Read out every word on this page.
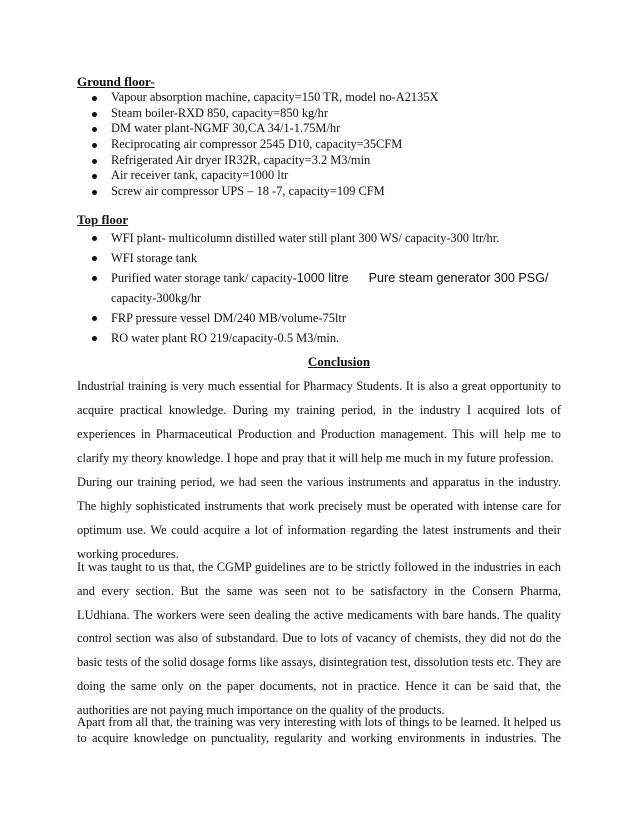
Ground floor-
Vapour absorption machine, capacity=150 TR, model no-A2135X
Steam boiler-RXD 850, capacity=850 kg/hr
DM water plant-NGMF 30,CA 34/1-1.75M/hr
Reciprocating air compressor 2545 D10, capacity=35CFM
Refrigerated Air dryer IR32R, capacity=3.2 M3/min
Air receiver tank, capacity=1000 ltr
Screw air compressor UPS – 18 -7, capacity=109 CFM
Top floor
WFI plant- multicolumn distilled water still plant 300 WS/ capacity-300 ltr/hr.
WFI storage tank
Purified water storage tank/ capacity-1000 litre Pure steam generator 300 PSG/
capacity-300kg/hr
FRP pressure vessel DM/240 MB/volume-75ltr
RO water plant RO 219/capacity-0.5 M3/min.
Conclusion
Industrial training is very much essential for Pharmacy Students. It is also a great opportunity to
acquire practical knowledge. During my training period, in the industry I acquired lots of
experiences in Pharmaceutical Production and Production management. This will help me to
clarify my theory knowledge. I hope and pray that it will help me much in my future profession.
During our training period, we had seen the various instruments and apparatus in the industry.
The highly sophisticated instruments that work precisely must be operated with intense care for
optimum use. We could acquire a lot of information regarding the latest instruments and their
working procedures.
It was taught to us that, the CGMP guidelines are to be strictly followed in the industries in each
and every section. But the same was seen not to be satisfactory in the Consern Pharma,
LUdhiana. The workers were seen dealing the active medicaments with bare hands. The quality
control section was also of substandard. Due to lots of vacancy of chemists, they did not do the
basic tests of the solid dosage forms like assays, disintegration test, dissolution tests etc. They are
doing the same only on the paper documents, not in practice. Hence it can be said that, the
authorities are not paying much importance on the quality of the products.
Apart from all that, the training was very interesting with lots of things to be learned. It helped us
to acquire knowledge on punctuality, regularity and working environments in industries. The
